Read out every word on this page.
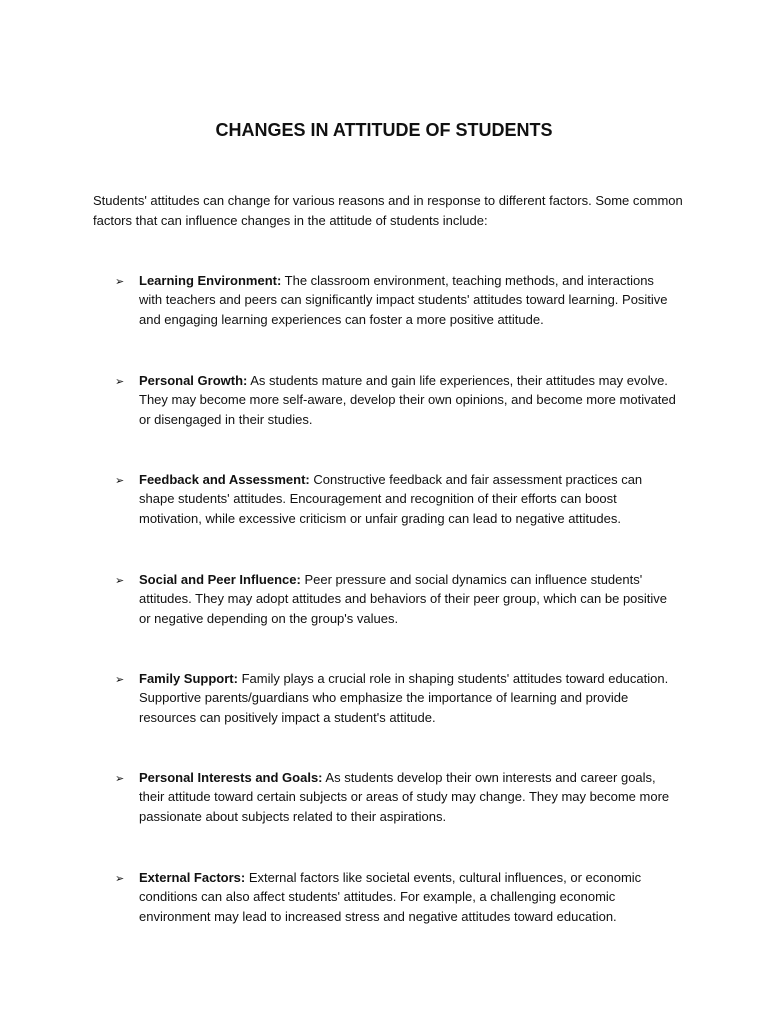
CHANGES IN ATTITUDE OF STUDENTS
Students' attitudes can change for various reasons and in response to different factors. Some common factors that can influence changes in the attitude of students include:
➢ Learning Environment: The classroom environment, teaching methods, and interactions with teachers and peers can significantly impact students' attitudes toward learning. Positive and engaging learning experiences can foster a more positive attitude.
➢ Personal Growth: As students mature and gain life experiences, their attitudes may evolve. They may become more self-aware, develop their own opinions, and become more motivated or disengaged in their studies.
➢ Feedback and Assessment: Constructive feedback and fair assessment practices can shape students' attitudes. Encouragement and recognition of their efforts can boost motivation, while excessive criticism or unfair grading can lead to negative attitudes.
➢ Social and Peer Influence: Peer pressure and social dynamics can influence students' attitudes. They may adopt attitudes and behaviors of their peer group, which can be positive or negative depending on the group's values.
➢ Family Support: Family plays a crucial role in shaping students' attitudes toward education. Supportive parents/guardians who emphasize the importance of learning and provide resources can positively impact a student's attitude.
➢ Personal Interests and Goals: As students develop their own interests and career goals, their attitude toward certain subjects or areas of study may change. They may become more passionate about subjects related to their aspirations.
➢ External Factors: External factors like societal events, cultural influences, or economic conditions can also affect students' attitudes. For example, a challenging economic environment may lead to increased stress and negative attitudes toward education.
